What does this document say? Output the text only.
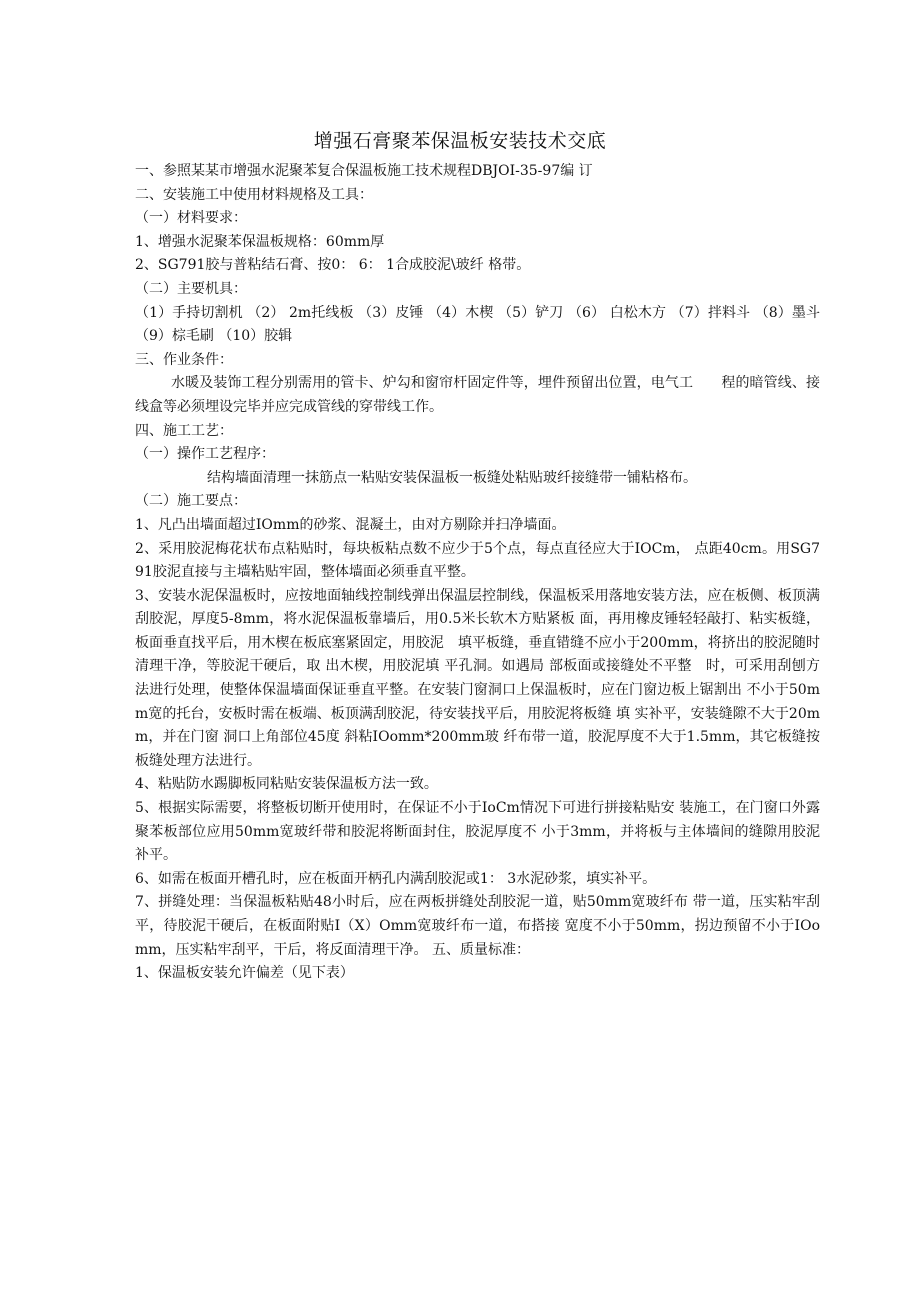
增强石膏聚苯保温板安装技术交底
一、参照某某市增强水泥聚苯复合保温板施工技术规程DBJOI-35-97编 订
二、安装施工中使用材料规格及工具：
（一）材料要求：
1、增强水泥聚苯保温板规格：60mm厚
2、SG791胶与普粘结石膏、按0： 6： 1合成胶泥\玻纤 格带。
（二）主要机具：

（1）手持切割机 （2） 2m托线板 （3）皮锤 （4）木楔 （5）铲刀 （6） 白松木方 （7）拌料斗 （8）墨斗 （9）棕毛刷 （10）胶辑

三、作业条件：

水暖及装饰工程分别需用的管卡、炉勾和窗帘杆固定件等，埋件预留出位置，电气工　　程的暗管线、接线盒等必须埋设完毕并应完成管线的穿带线工作。

四、施工工艺：
（一）操作工艺程序：
结构墙面清理一抹筋点一粘贴安装保温板一板缝处粘贴玻纤接缝带一铺粘格布。
（二）施工要点：
1、凡凸出墙面超过IOmm的砂浆、混凝土，由对方剔除并扫净墙面。

2、采用胶泥梅花状布点粘贴时，每块板粘点数不应少于5个点，每点直径应大于IOCm， 点距40cm。用SG791胶泥直接与主墙粘贴牢固，整体墙面必须垂直平整。

3、安装水泥保温板时，应按地面轴线控制线弹出保温层控制线，保温板采用落地安装方法，应在板侧、板顶满刮胶泥，厚度5-8mm，将水泥保温板靠墙后，用0.5米长软木方贴紧板 面，再用橡皮锤轻轻敲打、粘实板缝，板面垂直找平后，用木楔在板底塞紧固定，用胶泥　填平板缝，垂直错缝不应小于200mm，将挤出的胶泥随时清理干净，等胶泥干硬后，取 出木楔，用胶泥填 平孔洞。如遇局 部板面或接缝处不平整　时，可采用刮刨方法进行处理，使整体保温墙面保证垂直平整。在安装门窗洞口上保温板时，应在门窗边板上锯割出 不小于50mm宽的托台，安板时需在板端、板顶满刮胶泥，待安装找平后，用胶泥将板缝 填 实补平，安装缝隙不大于20mm，并在门窗 洞口上角部位45度 斜粘IOomm*200mm玻 纤布带一道，胶泥厚度不大于1.5mm，其它板缝按板缝处理方法进行。

4、粘贴防水踢脚板同粘贴安装保温板方法一致。

5、根据实际需要，将整板切断开使用时，在保证不小于IoCm情况下可进行拼接粘贴安 装施工，在门窗口外露聚苯板部位应用50mm宽玻纤带和胶泥将断面封住，胶泥厚度不 小于3mm，并将板与主体墙间的缝隙用胶泥补平。

6、如需在板面开槽孔时，应在板面开柄孔内满刮胶泥或1： 3水泥砂浆，填实补平。

7、拼缝处理：当保温板粘贴48小时后，应在两板拼缝处刮胶泥一道，贴50mm宽玻纤布 带一道，压实粘牢刮平，待胶泥干硬后，在板面附贴I（X）Omm宽玻纤布一道，布搭接 宽度不小于50mm，拐边预留不小于IOomm，压实粘牢刮平，干后，将反面清理干净。 五、质量标准：

1、保温板安装允许偏差（见下表）
